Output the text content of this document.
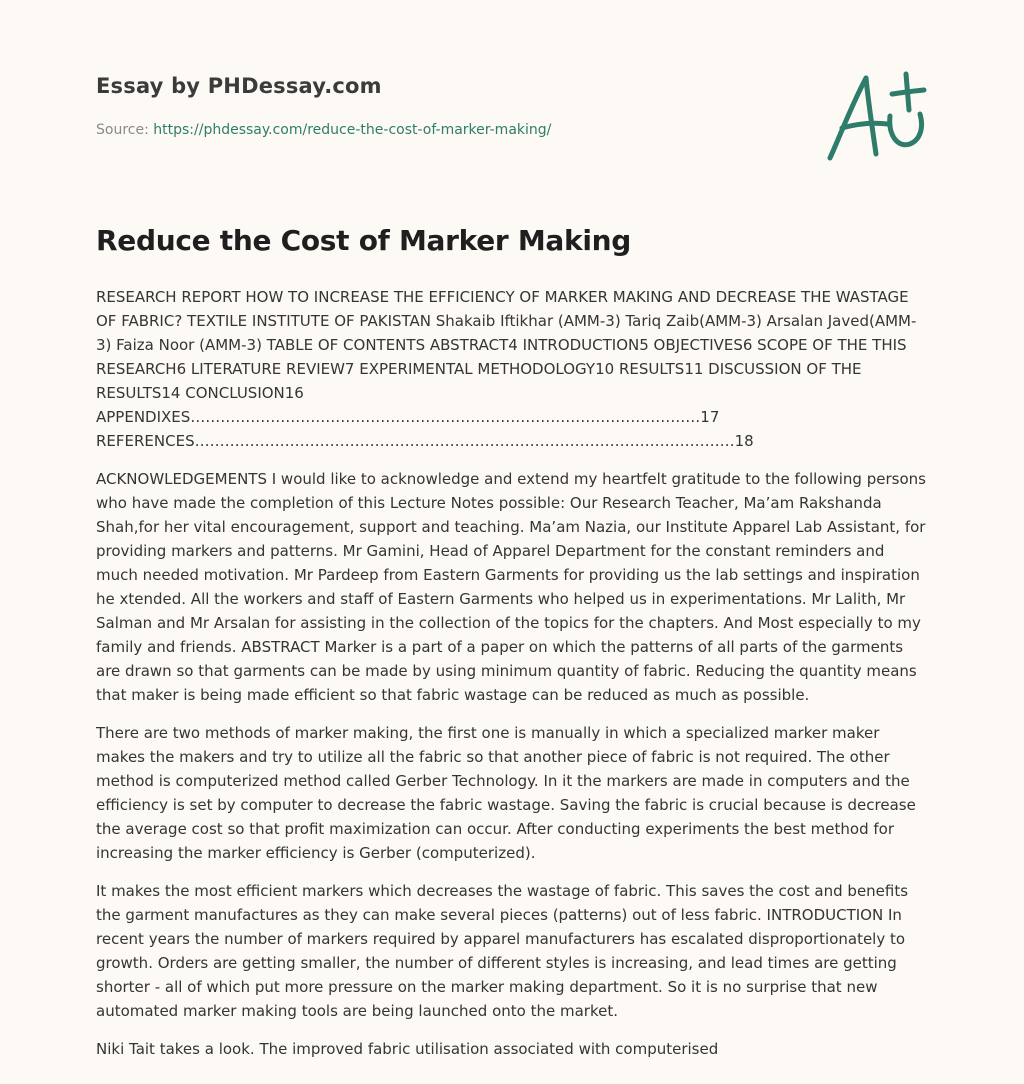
Essay by PHDessay.com
Source: https://phdessay.com/reduce-the-cost-of-marker-making/
Reduce the Cost of Marker Making

RESEARCH REPORT HOW TO INCREASE THE EFFICIENCY OF MARKER MAKING AND DECREASE THE WASTAGE OF FABRIC? TEXTILE INSTITUTE OF PAKISTAN Shakaib Iftikhar (AMM-3) Tariq Zaib(AMM-3) Arsalan Javed(AMM-3) Faiza Noor (AMM-3) TABLE OF CONTENTS ABSTRACT4 INTRODUCTION5 OBJECTIVES6 SCOPE OF THE THIS RESEARCH6 LITERATURE REVIEW7 EXPERIMENTAL METHODOLOGY10 RESULTS11 DISCUSSION OF THE RESULTS14 CONCLUSION16
APPENDIXES…………………………………………………………………………………………17
REFERENCES………………………………………………………………………………………………18

ACKNOWLEDGEMENTS I would like to acknowledge and extend my heartfelt gratitude to the following persons who have made the completion of this Lecture Notes possible: Our Research Teacher, Ma’am Rakshanda Shah,for her vital encouragement, support and teaching. Ma’am Nazia, our Institute Apparel Lab Assistant, for providing markers and patterns. Mr Gamini, Head of Apparel Department for the constant reminders and much needed motivation. Mr Pardeep from Eastern Garments for providing us the lab settings and inspiration he xtended. All the workers and staff of Eastern Garments who helped us in experimentations. Mr Lalith, Mr Salman and Mr Arsalan for assisting in the collection of the topics for the chapters. And Most especially to my family and friends. ABSTRACT Marker is a part of a paper on which the patterns of all parts of the garments are drawn so that garments can be made by using minimum quantity of fabric. Reducing the quantity means that maker is being made efficient so that fabric wastage can be reduced as much as possible.

There are two methods of marker making, the first one is manually in which a specialized marker maker makes the makers and try to utilize all the fabric so that another piece of fabric is not required. The other method is computerized method called Gerber Technology. In it the markers are made in computers and the efficiency is set by computer to decrease the fabric wastage. Saving the fabric is crucial because is decrease the average cost so that profit maximization can occur. After conducting experiments the best method for increasing the marker efficiency is Gerber (computerized).

It makes the most efficient markers which decreases the wastage of fabric. This saves the cost and benefits the garment manufactures as they can make several pieces (patterns) out of less fabric. INTRODUCTION In recent years the number of markers required by apparel manufacturers has escalated disproportionately to growth. Orders are getting smaller, the number of different styles is increasing, and lead times are getting shorter - all of which put more pressure on the marker making department. So it is no surprise that new automated marker making tools are being launched onto the market.

Niki Tait takes a look. The improved fabric utilisation associated with computerised
